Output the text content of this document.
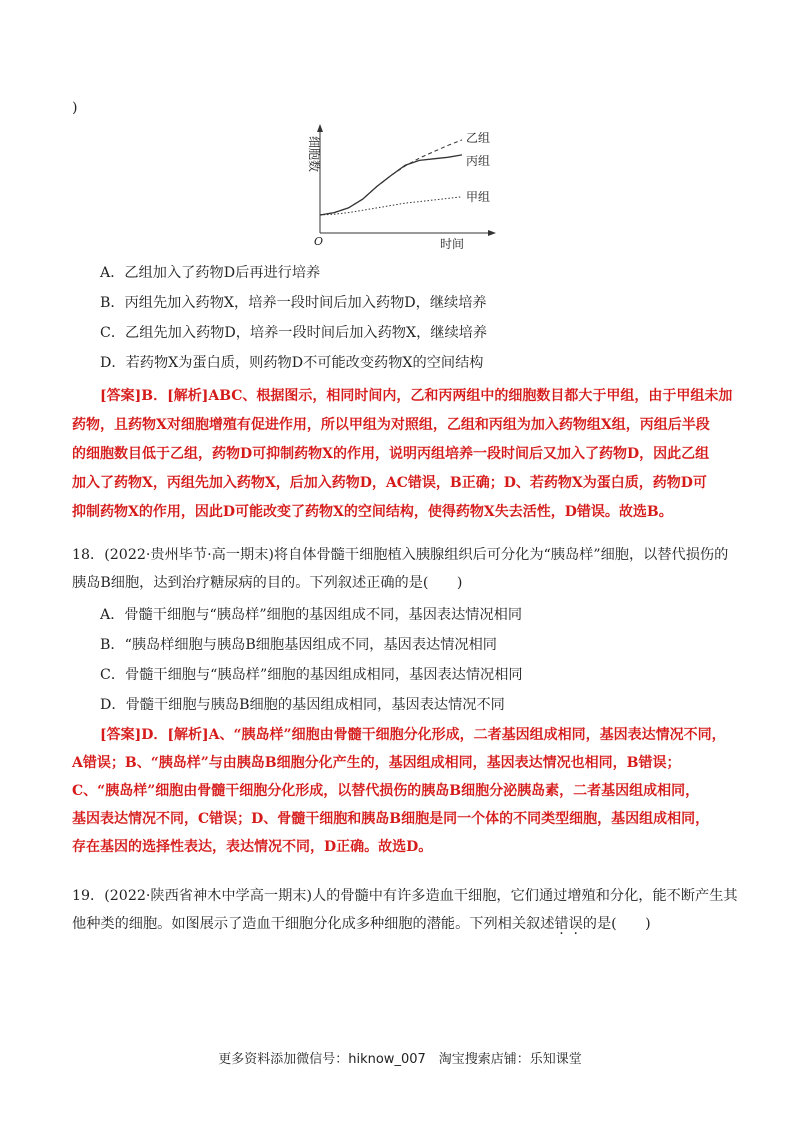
)
细胞数
时间
O
乙组
丙组
甲组
A．乙组加入了药物D后再进行培养
B．丙组先加入药物X，培养一段时间后加入药物D，继续培养
C．乙组先加入药物D，培养一段时间后加入药物X，继续培养
D．若药物X为蛋白质，则药物D不可能改变药物X的空间结构
[答案]B．[解析]ABC、根据图示，相同时间内，乙和丙两组中的细胞数目都大于甲组，由于甲组未加
药物，且药物X对细胞增殖有促进作用，所以甲组为对照组，乙组和丙组为加入药物组X组，丙组后半段
的细胞数目低于乙组，药物D可抑制药物X的作用，说明丙组培养一段时间后又加入了药物D，因此乙组
加入了药物X，丙组先加入药物X，后加入药物D，AC错误，B正确；D、若药物X为蛋白质，药物D可
抑制药物X的作用，因此D可能改变了药物X的空间结构，使得药物X失去活性，D错误。故选B。
18．(2022·贵州毕节·高一期末)将自体骨髓干细胞植入胰腺组织后可分化为“胰岛样”细胞，以替代损伤的
胰岛B细胞，达到治疗糖尿病的目的。下列叙述正确的是(　　)
A．骨髓干细胞与“胰岛样”细胞的基因组成不同，基因表达情况相同
B．“胰岛样细胞与胰岛B细胞基因组成不同，基因表达情况相同
C．骨髓干细胞与“胰岛样”细胞的基因组成相同，基因表达情况相同
D．骨髓干细胞与胰岛B细胞的基因组成相同，基因表达情况不同
[答案]D．[解析]A、“胰岛样”细胞由骨髓干细胞分化形成，二者基因组成相同，基因表达情况不同，
A错误；B、“胰岛样”与由胰岛B细胞分化产生的，基因组成相同，基因表达情况也相同，B错误；
C、“胰岛样”细胞由骨髓干细胞分化形成，以替代损伤的胰岛B细胞分泌胰岛素，二者基因组成相同，
基因表达情况不同，C错误；D、骨髓干细胞和胰岛B细胞是同一个体的不同类型细胞，基因组成相同，
存在基因的选择性表达，表达情况不同，D正确。故选D。
19．(2022·陕西省神木中学高一期末)人的骨髓中有许多造血干细胞，它们通过增殖和分化，能不断产生其
他种类的细胞。如图展示了造血干细胞分化成多种细胞的潜能。下列相关叙述错误的是(　　)
更多资料添加微信号：hiknow_007　淘宝搜索店铺：乐知课堂
